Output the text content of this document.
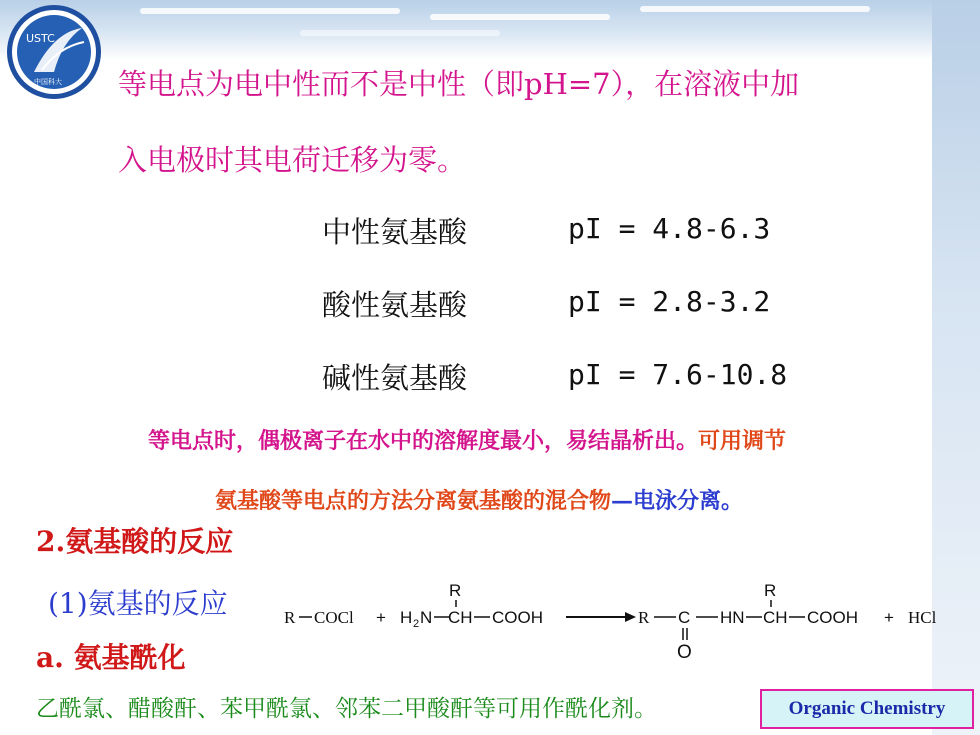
USTC
中国科大
1958 等电点为电中性而不是中性（即pH=7），在溶液中加
入电极时其电荷迁移为零。
中性氨基酸	pI = 4.8-6.3
酸性氨基酸	pI = 2.8-3.2
碱性氨基酸	pI = 7.6-10.8
等电点时，偶极离子在水中的溶解度最小，易结晶析出。可用调节
氨基酸等电点的方法分离氨基酸的混合物—电泳分离。
2.氨基酸的反应
(1)氨基的反应
a. 氨基酰化
R COCl + H 2 N
R
CH COOH	R C
O
HN
R
CH COOH + HCl
乙酰氯、醋酸酐、苯甲酰氯、邻苯二甲酸酐等可用作酰化剂。	Organic Chemistry
